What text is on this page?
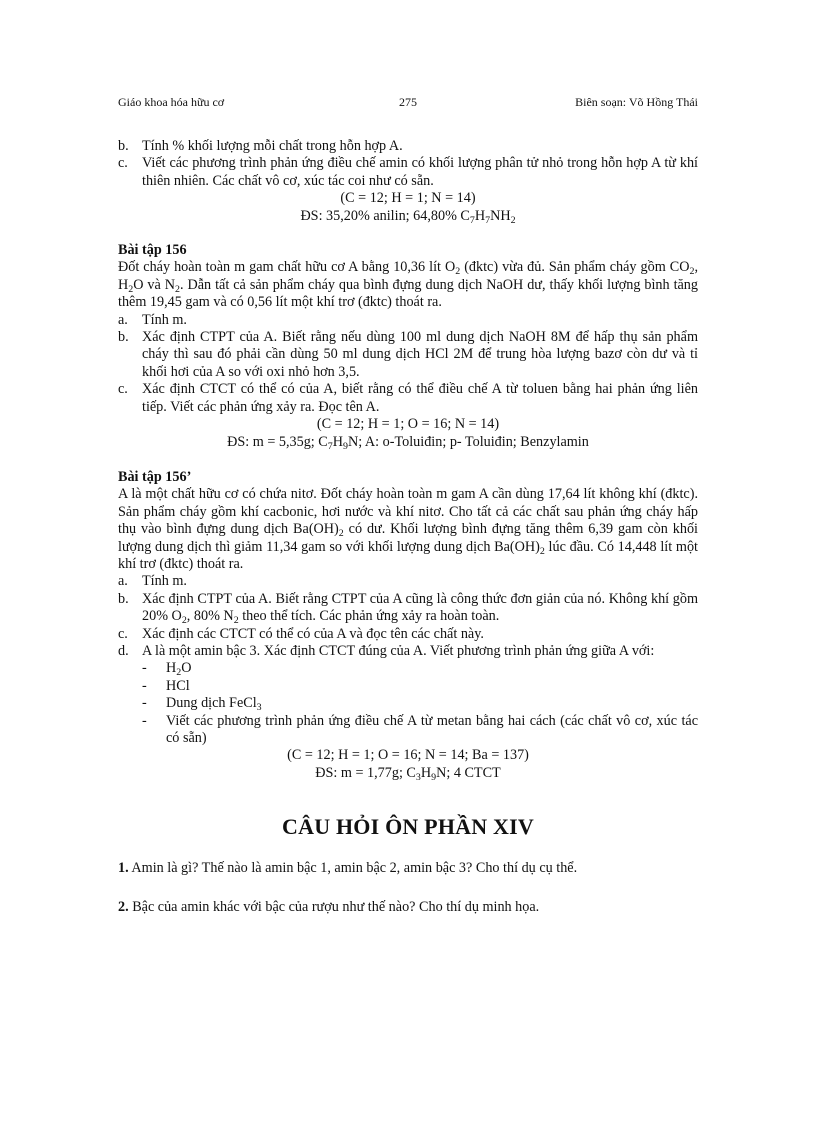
Giáo khoa hóa hữu cơ	275	Biên soạn: Võ Hồng Thái
b. Tính % khối lượng mỗi chất trong hỗn hợp A.
c. Viết các phương trình phản ứng điều chế amin có khối lượng phân tử nhỏ trong hỗn hợp A từ khí thiên nhiên. Các chất vô cơ, xúc tác coi như có sẵn.
(C = 12; H = 1; N = 14)
ĐS: 35,20% anilin; 64,80% $C_7H_7NH_2$
Bài tập 156
Đốt cháy hoàn toàn m gam chất hữu cơ A bằng 10,36 lít $O_2$ (đktc) vừa đủ. Sản phẩm cháy gồm $CO_2$, $H_2O$ và $N_2$. Dẫn tất cả sản phẩm cháy qua bình đựng dung dịch NaOH dư, thấy khối lượng bình tăng thêm 19,45 gam và có 0,56 lít một khí trơ (đktc) thoát ra.
a. Tính m.
b. Xác định CTPT của A. Biết rằng nếu dùng 100 ml dung dịch NaOH 8M để hấp thụ sản phẩm cháy thì sau đó phải cần dùng 50 ml dung dịch HCl 2M để trung hòa lượng bazơ còn dư và tỉ khối hơi của A so với oxi nhỏ hơn 3,5.
c. Xác định CTCT có thể có của A, biết rằng có thể điều chế A từ toluen bằng hai phản ứng liên tiếp. Viết các phản ứng xảy ra. Đọc tên A.
(C = 12; H = 1; O = 16; N = 14)
ĐS: m = 5,35g; $C_7H_9N$; A: o-Toluiđin; p- Toluiđin; Benzylamin
Bài tập 156’
A là một chất hữu cơ có chứa nitơ. Đốt cháy hoàn toàn m gam A cần dùng 17,64 lít không khí (đktc). Sản phẩm cháy gồm khí cacbonic, hơi nước và khí nitơ. Cho tất cả các chất sau phản ứng cháy hấp thụ vào bình đựng dung dịch $Ba(OH)_2$ có dư. Khối lượng bình đựng tăng thêm 6,39 gam còn khối lượng dung dịch thì giảm 11,34 gam so với khối lượng dung dịch $Ba(OH)_2$ lúc đầu. Có 14,448 lít một khí trơ (đktc) thoát ra.
a. Tính m.
b. Xác định CTPT của A. Biết rằng CTPT của A cũng là công thức đơn giản của nó. Không khí gồm 20% $O_2$, 80% $N_2$ theo thể tích. Các phản ứng xảy ra hoàn toàn.
c. Xác định các CTCT có thể có của A và đọc tên các chất này.
d. A là một amin bậc 3. Xác định CTCT đúng của A. Viết phương trình phản ứng giữa A với:
-	$H_2O$
-	HCl
-	Dung dịch FeCl$_3$
-	Viết các phương trình phản ứng điều chế A từ metan bằng hai cách (các chất vô cơ, xúc tác có sẵn)
(C = 12; H = 1; O = 16; N = 14; Ba = 137)
ĐS: m = 1,77g; $C_3H_9N$; 4 CTCT
CÂU HỎI ÔN PHẦN XIV
1. Amin là gì? Thế nào là amin bậc 1, amin bậc 2, amin bậc 3? Cho thí dụ cụ thể.
2. Bậc của amin khác với bậc của rượu như thế nào? Cho thí dụ minh họa.
